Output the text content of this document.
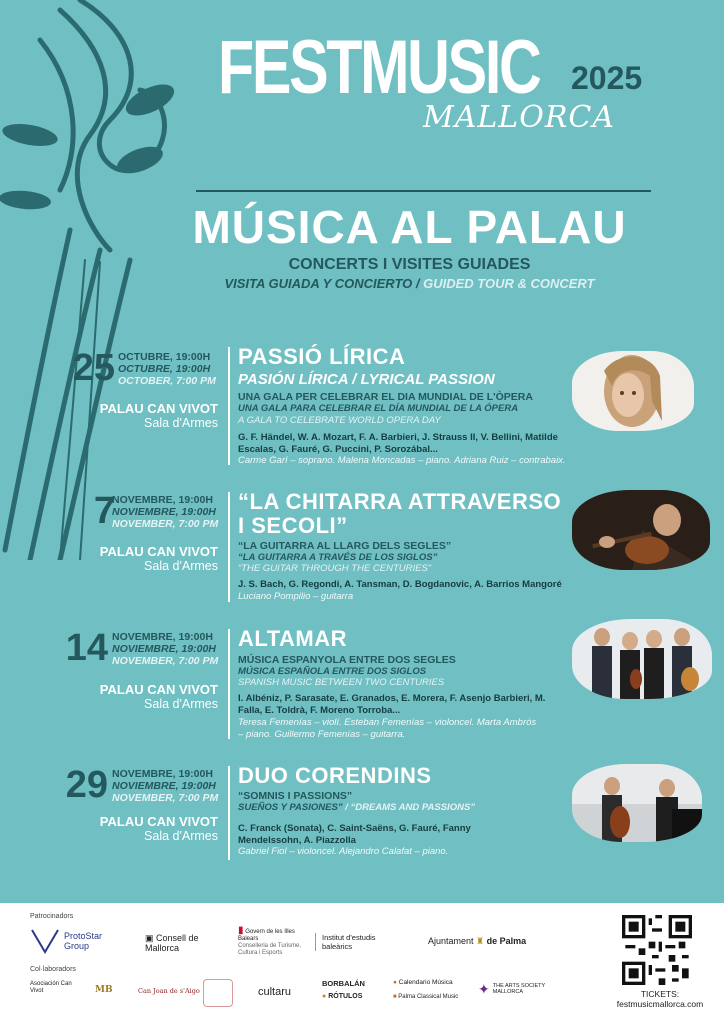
FESTMUSIC 2025
MALLORCA
MÚSICA AL PALAU
CONCERTS I VISITES GUIADES
VISITA GUIADA Y CONCIERTO / GUIDED TOUR & CONCERT
25 OCTUBRE, 19:00H
OCTUBRE, 19:00H
OCTOBER, 7:00 PM
PALAU CAN VIVOT
Sala d'Armes
PASSIÓ LÍRICA
PASIÓN LÍRICA / LYRICAL PASSION
UNA GALA PER CELEBRAR EL DIA MUNDIAL DE L'ÒPERA
UNA GALA PARA CELEBRAR EL DÍA MUNDIAL DE LA ÓPERA
A GALA TO CELEBRATE WORLD OPERA DAY
G. F. Händel, W. A. Mozart, F. A. Barbieri, J. Strauss II, V. Bellini, Matilde Escalas, G. Fauré, G. Puccini, P. Sorozábal...
Carme Garí – soprano. Malena Moncadas – piano. Adriana Ruiz – contrabaix.
7
NOVEMBRE, 19:00H
NOVIEMBRE, 19:00H
NOVEMBER, 7:00 PM
PALAU CAN VIVOT
Sala d'Armes
“LA CHITARRA ATTRAVERSO I SECOLI”
“LA GUITARRA AL LLARG DELS SEGLES”
“LA GUITARRA A TRAVÉS DE LOS SIGLOS”
“THE GUITAR THROUGH THE CENTURIES”
J. S. Bach, G. Regondi, A. Tansman, D. Bogdanovic, A. Barrios Mangoré
Luciano Pompilio – guitarra
14 NOVEMBRE, 19:00H
NOVIEMBRE, 19:00H
NOVEMBER, 7:00 PM
PALAU CAN VIVOT
Sala d'Armes
ALTAMAR
MÚSICA ESPANYOLA ENTRE DOS SEGLES
MÚSICA ESPAÑOLA ENTRE DOS SIGLOS
SPANISH MUSIC BETWEEN TWO CENTURIES
I. Albéniz, P. Sarasate, E. Granados, E. Morera, F. Asenjo Barbieri, M. Falla, E. Toldrà, F. Moreno Torroba...
Teresa Femenías – violí. Esteban Femenías – violoncel. Marta Ambrós – piano. Guillermo Femenías – guitarra.
29 NOVEMBRE, 19:00H
NOVIEMBRE, 19:00H
NOVEMBER, 7:00 PM
PALAU CAN VIVOT
Sala d'Armes
DUO CORENDINS
“SOMNIS I PASSIONS”
SUEÑOS Y PASIONES” / “DREAMS AND PASSIONS”
C. Franck (Sonata), C. Saint-Saëns, G. Fauré, Fanny Mendelssohn, A. Piazzolla
Gabriel Fiol – violoncel. Alejandro Calafat – piano.
Patrocinadors
ProtoStar
Group
▣ Consell de Mallorca
▮ Govern de les Illes Balears
Conselleria de Turisme, Cultura i Esports
Institut d'estudis baleàrics
Ajuntament ♜ de Palma
Col·laboradors
Asociación Can Vivot	MB	Can Joan de s'Aigo	cultaru
BORBALÁN
● RÓTULOS
● Calendario Música
■ Palma Classical Music ✦ THE ARTS SOCIETY
MALLORCA	TICKETS:
festmusicmallorca.com
